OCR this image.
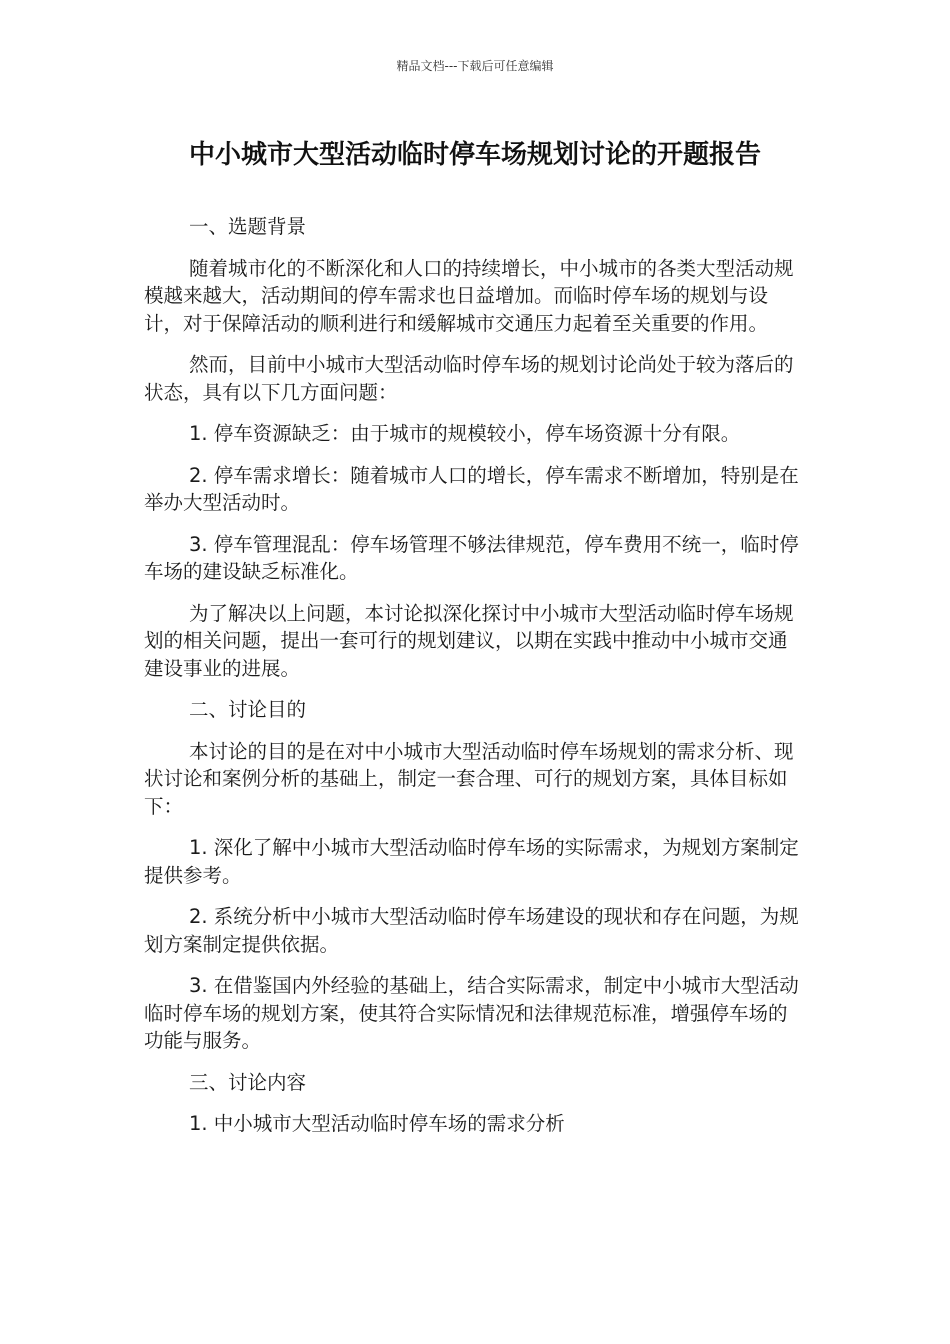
精品文档---下载后可任意编辑
中小城市大型活动临时停车场规划讨论的开题报告

一、选题背景

随着城市化的不断深化和人口的持续增长，中小城市的各类大型活动规模越来越大，活动期间的停车需求也日益增加。而临时停车场的规划与设计，对于保障活动的顺利进行和缓解城市交通压力起着至关重要的作用。

然而，目前中小城市大型活动临时停车场的规划讨论尚处于较为落后的状态，具有以下几方面问题：

1. 停车资源缺乏：由于城市的规模较小，停车场资源十分有限。

2. 停车需求增长：随着城市人口的增长，停车需求不断增加，特别是在举办大型活动时。

3. 停车管理混乱：停车场管理不够法律规范，停车费用不统一，临时停车场的建设缺乏标准化。

为了解决以上问题，本讨论拟深化探讨中小城市大型活动临时停车场规划的相关问题，提出一套可行的规划建议，以期在实践中推动中小城市交通建设事业的进展。

二、讨论目的

本讨论的目的是在对中小城市大型活动临时停车场规划的需求分析、现状讨论和案例分析的基础上，制定一套合理、可行的规划方案，具体目标如下：

1. 深化了解中小城市大型活动临时停车场的实际需求，为规划方案制定提供参考。

2. 系统分析中小城市大型活动临时停车场建设的现状和存在问题，为规划方案制定提供依据。

3. 在借鉴国内外经验的基础上，结合实际需求，制定中小城市大型活动临时停车场的规划方案，使其符合实际情况和法律规范标准，增强停车场的功能与服务。

三、讨论内容

1. 中小城市大型活动临时停车场的需求分析
